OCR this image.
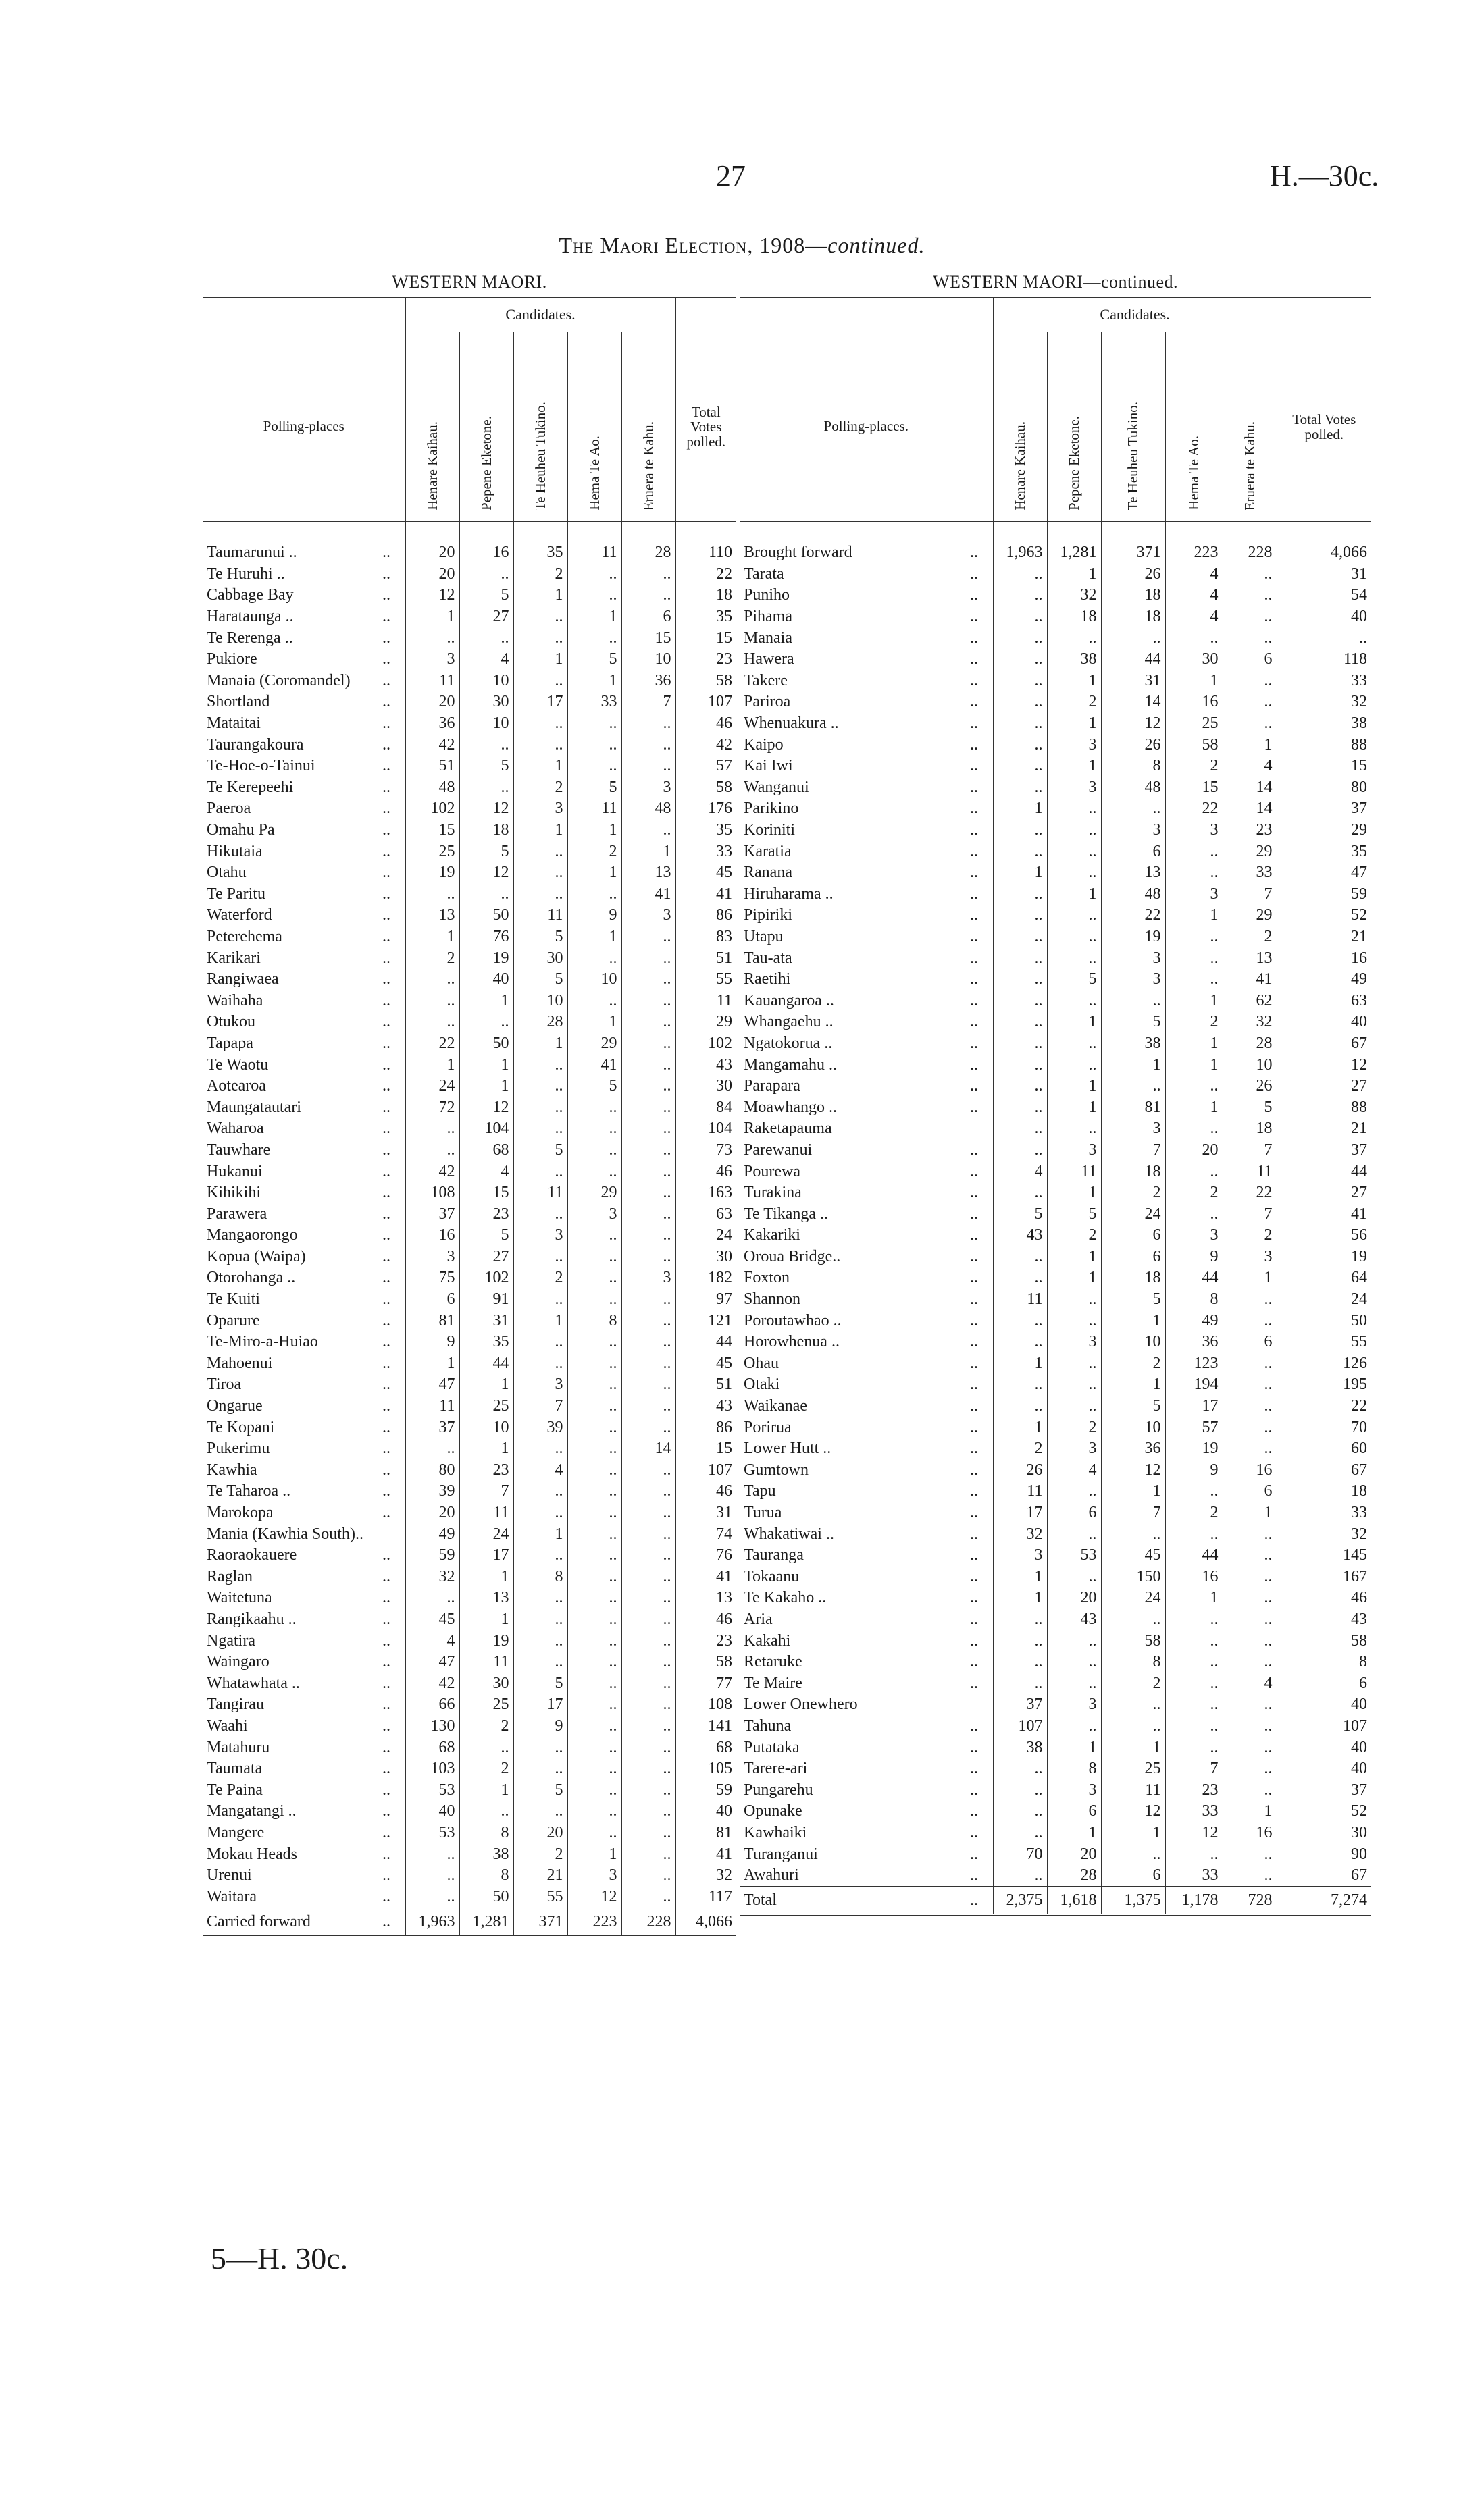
27	H.—30c.
The Maori Election, 1908—continued.
WESTERN MAORI.
		Candidates.					
Polling-places		Henare Kaihau.	Pepene Eketone.	Te Heuheu Tukino.	Hema Te Ao.	Eruera te Kahu.	Total Votes polled.
Taumarunui ..	..	20	16	35	11	28	110
Te Huruhi ..	..	20	..	2	..	..	22
Cabbage Bay	..	12	5	1	..	..	18
Harataunga ..	..	1	27	..	1	6	35
Te Rerenga ..	..	..	..	..	..	15	15
Pukiore	..	3	4	1	5	10	23
Manaia (Coromandel)	..	11	10	..	1	36	58
Shortland	..	20	30	17	33	7	107
Mataitai	..	36	10	..	..	..	46
Taurangakoura	..	42	..	..	..	..	42
Te-Hoe-o-Tainui	..	51	5	1	..	..	57
Te Kerepeehi	..	48	..	2	5	3	58
Paeroa	..	102	12	3	11	48	176
Omahu Pa	..	15	18	1	1	..	35
Hikutaia	..	25	5	..	2	1	33
Otahu	..	19	12	..	1	13	45
Te Paritu	..	..	..	..	..	41	41
Waterford	..	13	50	11	9	3	86
Peterehema	..	1	76	5	1	..	83
Karikari	..	2	19	30	..	..	51
Rangiwaea	..	..	40	5	10	..	55
Waihaha	..	..	1	10	..	..	11
Otukou	..	..	..	28	1	..	29
Tapapa	..	22	50	1	29	..	102
Te Waotu	..	1	1	..	41	..	43
Aotearoa	..	24	1	..	5	..	30
Maungatautari	..	72	12	..	..	..	84
Waharoa	..	..	104	..	..	..	104
Tauwhare	..	..	68	5	..	..	73
Hukanui	..	42	4	..	..	..	46
Kihikihi	..	108	15	11	29	..	163
Parawera	..	37	23	..	3	..	63
Mangaorongo	..	16	5	3	..	..	24
Kopua (Waipa)	..	3	27	..	..	..	30
Otorohanga ..	..	75	102	2	..	3	182
Te Kuiti	..	6	91	..	..	..	97
Oparure	..	81	31	1	8	..	121
Te-Miro-a-Huiao	..	9	35	..	..	..	44
Mahoenui	..	1	44	..	..	..	45
Tiroa	..	47	1	3	..	..	51
Ongarue	..	11	25	7	..	..	43
Te Kopani	..	37	10	39	..	..	86
Pukerimu	..	..	1	..	..	14	15
Kawhia	..	80	23	4	..	..	107
Te Taharoa ..	..	39	7	..	..	..	46
Marokopa	..	20	11	..	..	..	31
Mania (Kawhia South)..		49	24	1	..	..	74
Raoraokauere	..	59	17	..	..	..	76
Raglan	..	32	1	8	..	..	41
Waitetuna	..	..	13	..	..	..	13
Rangikaahu ..	..	45	1	..	..	..	46
Ngatira	..	4	19	..	..	..	23
Waingaro	..	47	11	..	..	..	58
Whatawhata ..	..	42	30	5	..	..	77
Tangirau	..	66	25	17	..	..	108
Waahi	..	130	2	9	..	..	141
Matahuru	..	68	..	..	..	..	68
Taumata	..	103	2	..	..	..	105
Te Paina	..	53	1	5	..	..	59
Mangatangi ..	..	40	..	..	..	..	40
Mangere	..	53	8	20	..	..	81
Mokau Heads	..	..	38	2	1	..	41
Urenui	..	..	8	21	3	..	32
Waitara	..	..	50	55	12	..	117
Carried forward	..	1,963	1,281	371	223	228	4,066
WESTERN MAORI—continued.
		Candidates.					
Polling-places.		Henare Kaihau.	Pepene Eketone.	Te Heuheu Tukino.	Hema Te Ao.	Eruera te Kahu.	Total Votes polled.
Brought forward	..	1,963	1,281	371	223	228	4,066
Tarata	..	..	1	26	4	..	31
Puniho	..	..	32	18	4	..	54
Pihama	..	..	18	18	4	..	40
Manaia	..	..	..	..	..	..	..
Hawera	..	..	38	44	30	6	118
Takere	..	..	1	31	1	..	33
Pariroa	..	..	2	14	16	..	32
Whenuakura ..	..	..	1	12	25	..	38
Kaipo	..	..	3	26	58	1	88
Kai Iwi	..	..	1	8	2	4	15
Wanganui	..	..	3	48	15	14	80
Parikino	..	1	..	..	22	14	37
Koriniti	..	..	..	3	3	23	29
Karatia	..	..	..	6	..	29	35
Ranana	..	1	..	13	..	33	47
Hiruharama ..	..	..	1	48	3	7	59
Pipiriki	..	..	..	22	1	29	52
Utapu	..	..	..	19	..	2	21
Tau-ata	..	..	..	3	..	13	16
Raetihi	..	..	5	3	..	41	49
Kauangaroa ..	..	..	..	..	1	62	63
Whangaehu ..	..	..	1	5	2	32	40
Ngatokorua ..	..	..	..	38	1	28	67
Mangamahu ..	..	..	..	1	1	10	12
Parapara	..	..	1	..	..	26	27
Moawhango ..	..	..	1	81	1	5	88
Raketapauma		..	..	3	..	18	21
Parewanui	..	..	3	7	20	7	37
Pourewa	..	4	11	18	..	11	44
Turakina	..	..	1	2	2	22	27
Te Tikanga ..	..	5	5	24	..	7	41
Kakariki	..	43	2	6	3	2	56
Oroua Bridge..	..	..	1	6	9	3	19
Foxton	..	..	1	18	44	1	64
Shannon	..	11	..	5	8	..	24
Poroutawhao ..	..	..	..	1	49	..	50
Horowhenua ..	..	..	3	10	36	6	55
Ohau	..	1	..	2	123	..	126
Otaki	..	..	..	1	194	..	195
Waikanae	..	..	..	5	17	..	22
Porirua	..	1	2	10	57	..	70
Lower Hutt ..	..	2	3	36	19	..	60
Gumtown	..	26	4	12	9	16	67
Tapu	..	11	..	1	..	6	18
Turua	..	17	6	7	2	1	33
Whakatiwai ..	..	32	..	..	..	..	32
Tauranga	..	3	53	45	44	..	145
Tokaanu	..	1	..	150	16	..	167
Te Kakaho ..	..	1	20	24	1	..	46
Aria	..	..	43	..	..	..	43
Kakahi	..	..	..	58	..	..	58
Retaruke	..	..	..	8	..	..	8
Te Maire	..	..	..	2	..	4	6
Lower Onewhero		37	3	..	..	..	40
Tahuna	..	107	..	..	..	..	107
Putataka	..	38	1	1	..	..	40
Tarere-ari	..	..	8	25	7	..	40
Pungarehu	..	..	3	11	23	..	37
Opunake	..	..	6	12	33	1	52
Kawhaiki	..	..	1	1	12	16	30
Turanganui	..	70	20	..	..	..	90
Awahuri	..	..	28	6	33	..	67
Total	..	2,375	1,618	1,375	1,178	728	7,274
5—H. 30c.
